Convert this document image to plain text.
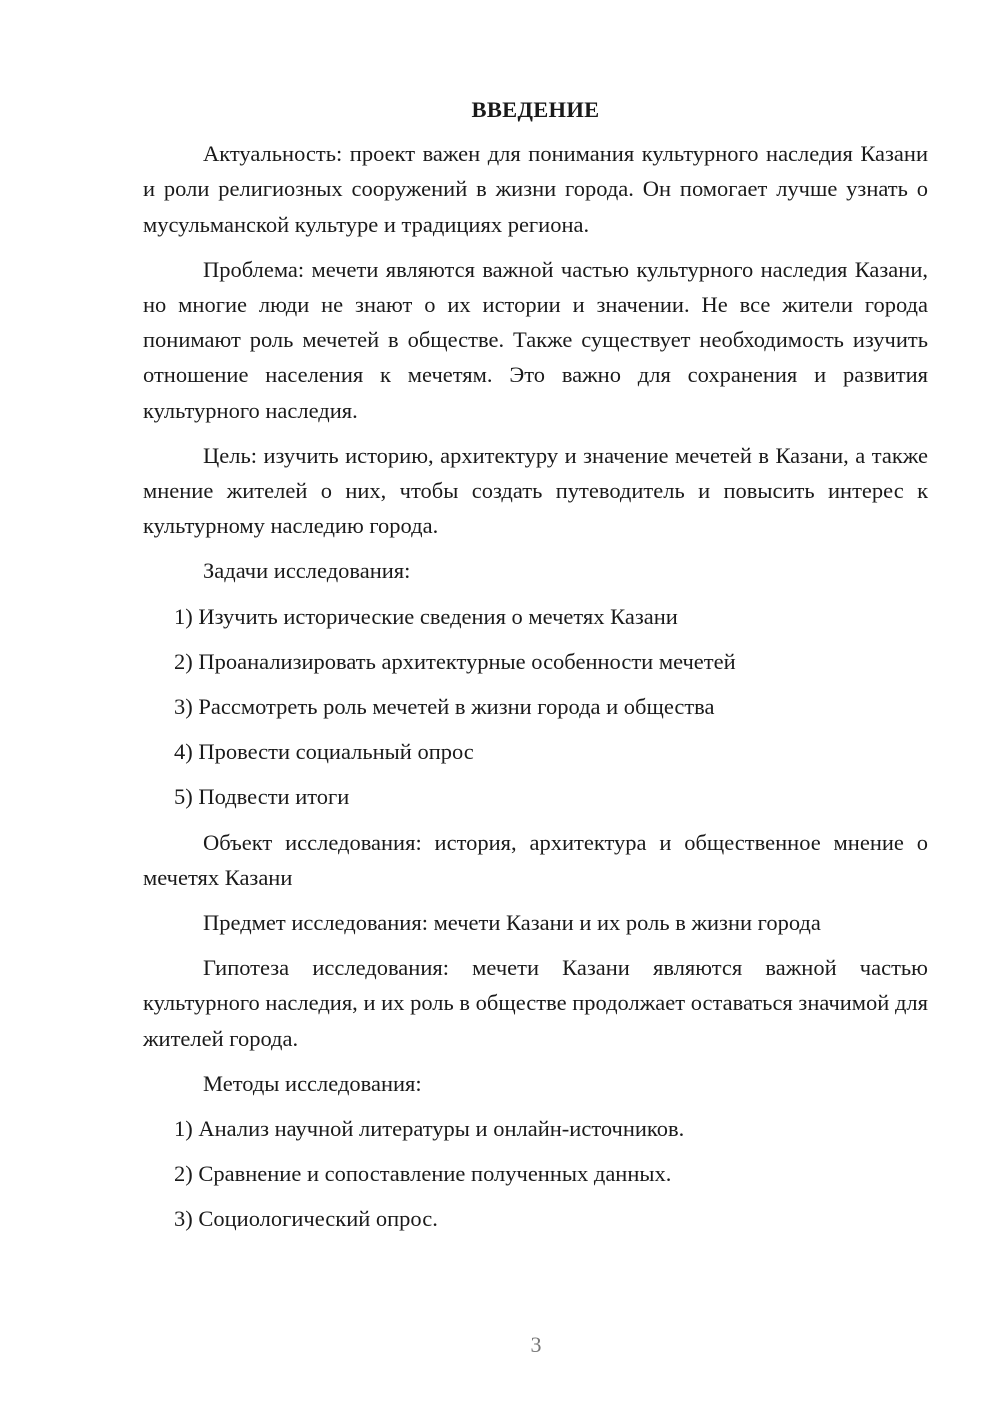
ВВЕДЕНИЕ

Актуальность: проект важен для понимания культурного наследия Казани и роли религиозных сооружений в жизни города. Он помогает лучше узнать о мусульманской культуре и традициях региона.

Проблема: мечети являются важной частью культурного наследия Казани, но многие люди не знают о их истории и значении. Не все жители города понимают роль мечетей в обществе. Также существует необходимость изучить отношение населения к мечетям. Это важно для сохранения и развития культурного наследия.

Цель: изучить историю, архитектуру и значение мечетей в Казани, а также мнение жителей о них, чтобы создать путеводитель и повысить интерес к культурному наследию города.

Задачи исследования:

1) Изучить исторические сведения о мечетях Казани
2) Проанализировать архитектурные особенности мечетей
3) Рассмотреть роль мечетей в жизни города и общества
4) Провести социальный опрос
5) Подвести итоги

Объект исследования: история, архитектура и общественное мнение о мечетях Казани

Предмет исследования: мечети Казани и их роль в жизни города

Гипотеза исследования: мечети Казани являются важной частью культурного наследия, и их роль в обществе продолжает оставаться значимой для жителей города.

Методы исследования:

1) Анализ научной литературы и онлайн-источников.
2) Сравнение и сопоставление полученных данных.
3) Социологический опрос.
3
